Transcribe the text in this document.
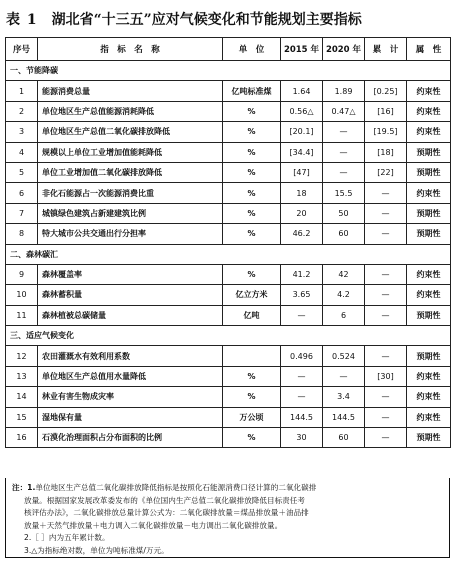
表 1 湖北省“十三五”应对气候变化和节能规划主要指标
序号	指　标　名　称	单　位	2015 年	2020 年	累　计	属　性
一、节能降碳						
1	能源消费总量	亿吨标准煤	1.64	1.89	[0.25]	约束性
2	单位地区生产总值能源消耗降低	%	0.56△	0.47△	[16]	约束性
3	单位地区生产总值二氧化碳排放降低	%	[20.1]	—	[19.5]	约束性
4	规模以上单位工业增加值能耗降低	%	[34.4]	—	[18]	预期性
5	单位工业增加值二氧化碳排放降低	%	[47]	—	[22]	预期性
6	非化石能源占一次能源消费比重	%	18	15.5	—	约束性
7	城镇绿色建筑占新建建筑比例	%	20	50	—	预期性
8	特大城市公共交通出行分担率	%	46.2	60	—	预期性
二、森林碳汇						
9	森林覆盖率	%	41.2	42	—	约束性
10	森林蓄积量	亿立方米	3.65	4.2	—	约束性
11	森林植被总碳储量	亿吨	—	6	—	预期性
三、适应气候变化						
12	农田灌溉水有效利用系数		0.496	0.524	—	预期性
13	单位地区生产总值用水量降低	%	—	—	[30]	约束性
14	林业有害生物成灾率	%	—	3.4	—	约束性
15	湿地保有量	万公顷	144.5	144.5	—	约束性
16	石漠化治理面积占分布面积的比例	%	30	60	—	预期性
注：1. 单位地区生产总值二氧化碳排放降低指标是按照化石能源消费口径计算的二氧化碳排
放量。根据国家发展改革委发布的《单位国内生产总值二氧化碳排放降低目标责任考
核评估办法》，二氧化碳排放总量计算公式为：二氧化碳排放量＝煤品排放量＋油品排
放量＋天然气排放量＋电力调入二氧化碳排放量－电力调出二氧化碳排放量。
2.［ ］内为五年累计数。
3.△为指标绝对数，单位为吨标准煤/万元。
